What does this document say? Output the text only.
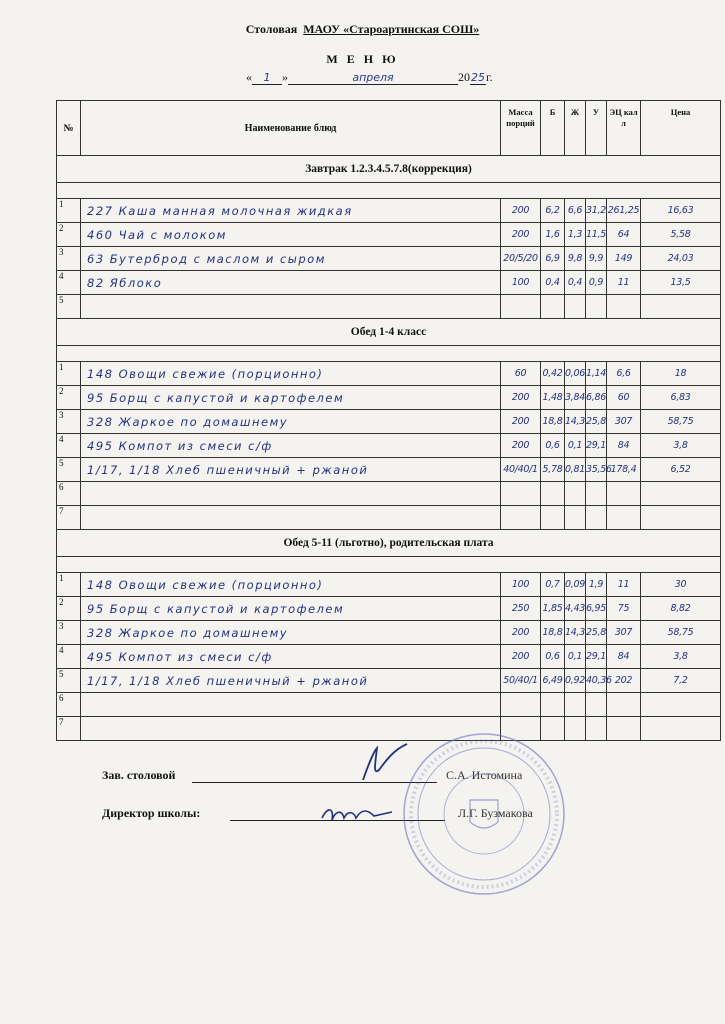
Столовая МАОУ «Староартинская СОШ»
М Е Н Ю
« 1 »	апреля	2025г.
№	Наименование блюд	Масса порций	Б	Ж	У	ЭЦ кал л	Цена
Завтрак 1.2.3.4.5.7.8(коррекция)							

1	227 Каша манная молочная жидкая	200	6,2	6,6	31,2	261,25	16,63
2	460 Чай с молоком	200	1,6	1,3	11,5	64	5,58
3	63 Бутерброд с маслом и сыром	20/5/20	6,9	9,8	9,9	149	24,03
4	82 Яблоко	100	0,4	0,4	0,9	11	13,5
5							
Обед 1-4 класс							

1	148 Овощи свежие (порционно)	60	0,42	0,06	1,14	6,6	18
2	95 Борщ с капустой и картофелем	200	1,48	3,84	6,86	60	6,83
3	328 Жаркое по домашнему	200	18,8	14,3	25,8	307	58,75
4	495 Компот из смеси с/ф	200	0,6	0,1	29,1	84	3,8
5	1/17, 1/18 Хлеб пшеничный + ржаной	40/40/1	5,78	0,81	35,56	178,4	6,52
6							
7							
Обед 5-11 (льготно), родительская плата							

1	148 Овощи свежие (порционно)	100	0,7	0,09	1,9	11	30
2	95 Борщ с капустой и картофелем	250	1,85	4,43	6,95	75	8,82
3	328 Жаркое по домашнему	200	18,8	14,3	25,8	307	58,75
4	495 Компот из смеси с/ф	200	0,6	0,1	29,1	84	3,8
5	1/17, 1/18 Хлеб пшеничный + ржаной	50/40/1	6,49	0,92	40,36	202	7,2
6							
7							
Зав. столовой	С.А. Истомина
Директор школы:	Л.Г. Бузмакова
